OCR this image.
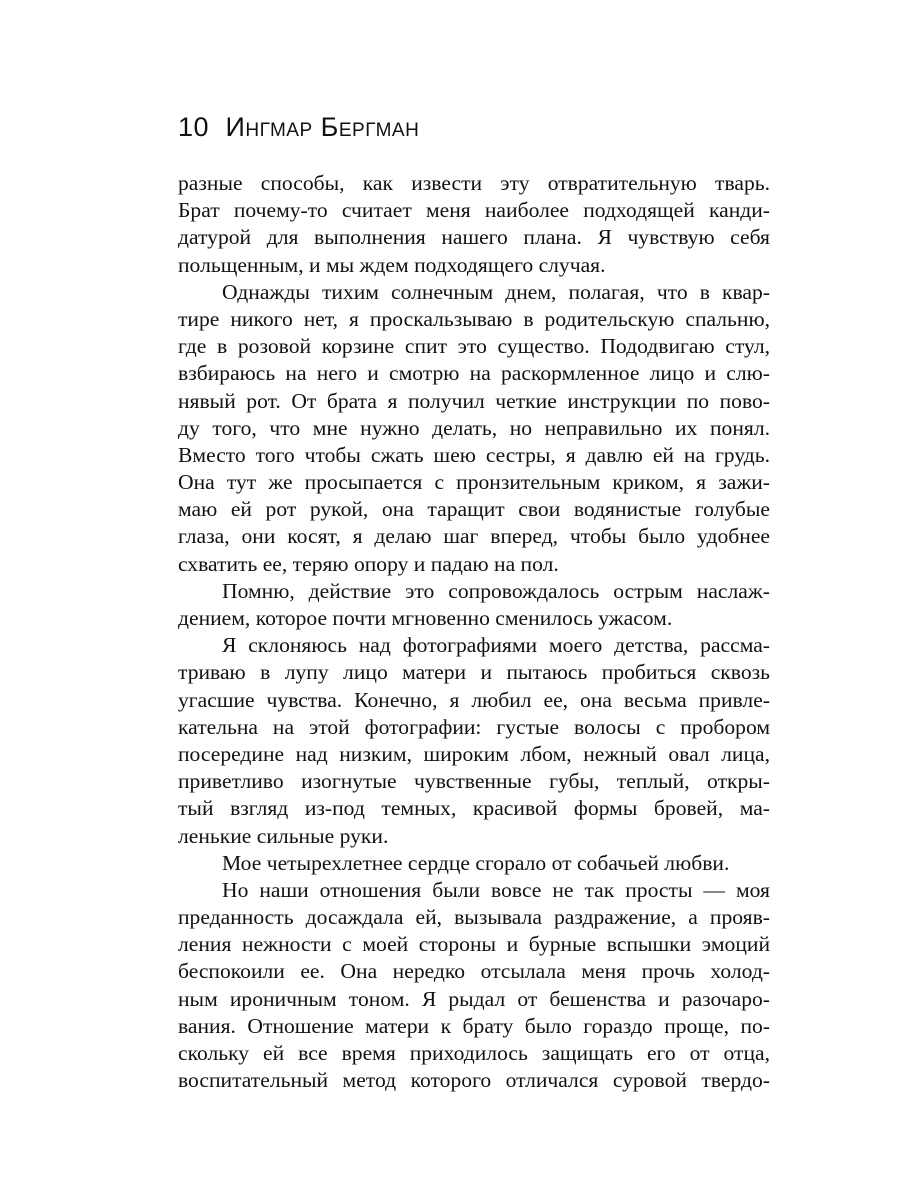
10 Ингмар Бергман
разные способы, как извести эту отвратительную тварь.
Брат почему-то считает меня наиболее подходящей канди-
датурой для выполнения нашего плана. Я чувствую себя
польщенным, и мы ждем подходящего случая.
Однажды тихим солнечным днем, полагая, что в квар-
тире никого нет, я проскальзываю в родительскую спальню,
где в розовой корзине спит это существо. Пододвигаю стул,
взбираюсь на него и смотрю на раскормленное лицо и слю-
нявый рот. От брата я получил четкие инструкции по пово-
ду того, что мне нужно делать, но неправильно их понял.
Вместо того чтобы сжать шею сестры, я давлю ей на грудь.
Она тут же просыпается с пронзительным криком, я зажи-
маю ей рот рукой, она таращит свои водянистые голубые
глаза, они косят, я делаю шаг вперед, чтобы было удобнее
схватить ее, теряю опору и падаю на пол.
Помню, действие это сопровождалось острым наслаж-
дением, которое почти мгновенно сменилось ужасом.
Я склоняюсь над фотографиями моего детства, рассма-
триваю в лупу лицо матери и пытаюсь пробиться сквозь
угасшие чувства. Конечно, я любил ее, она весьма привле-
кательна на этой фотографии: густые волосы с пробором
посередине над низким, широким лбом, нежный овал лица,
приветливо изогнутые чувственные губы, теплый, откры-
тый взгляд из-под темных, красивой формы бровей, ма-
ленькие сильные руки.
Мое четырехлетнее сердце сгорало от собачьей любви.
Но наши отношения были вовсе не так просты — моя
преданность досаждала ей, вызывала раздражение, а прояв-
ления нежности с моей стороны и бурные вспышки эмоций
беспокоили ее. Она нередко отсылала меня прочь холод-
ным ироничным тоном. Я рыдал от бешенства и разочаро-
вания. Отношение матери к брату было гораздо проще, по-
скольку ей все время приходилось защищать его от отца,
воспитательный метод которого отличался суровой твердо-
